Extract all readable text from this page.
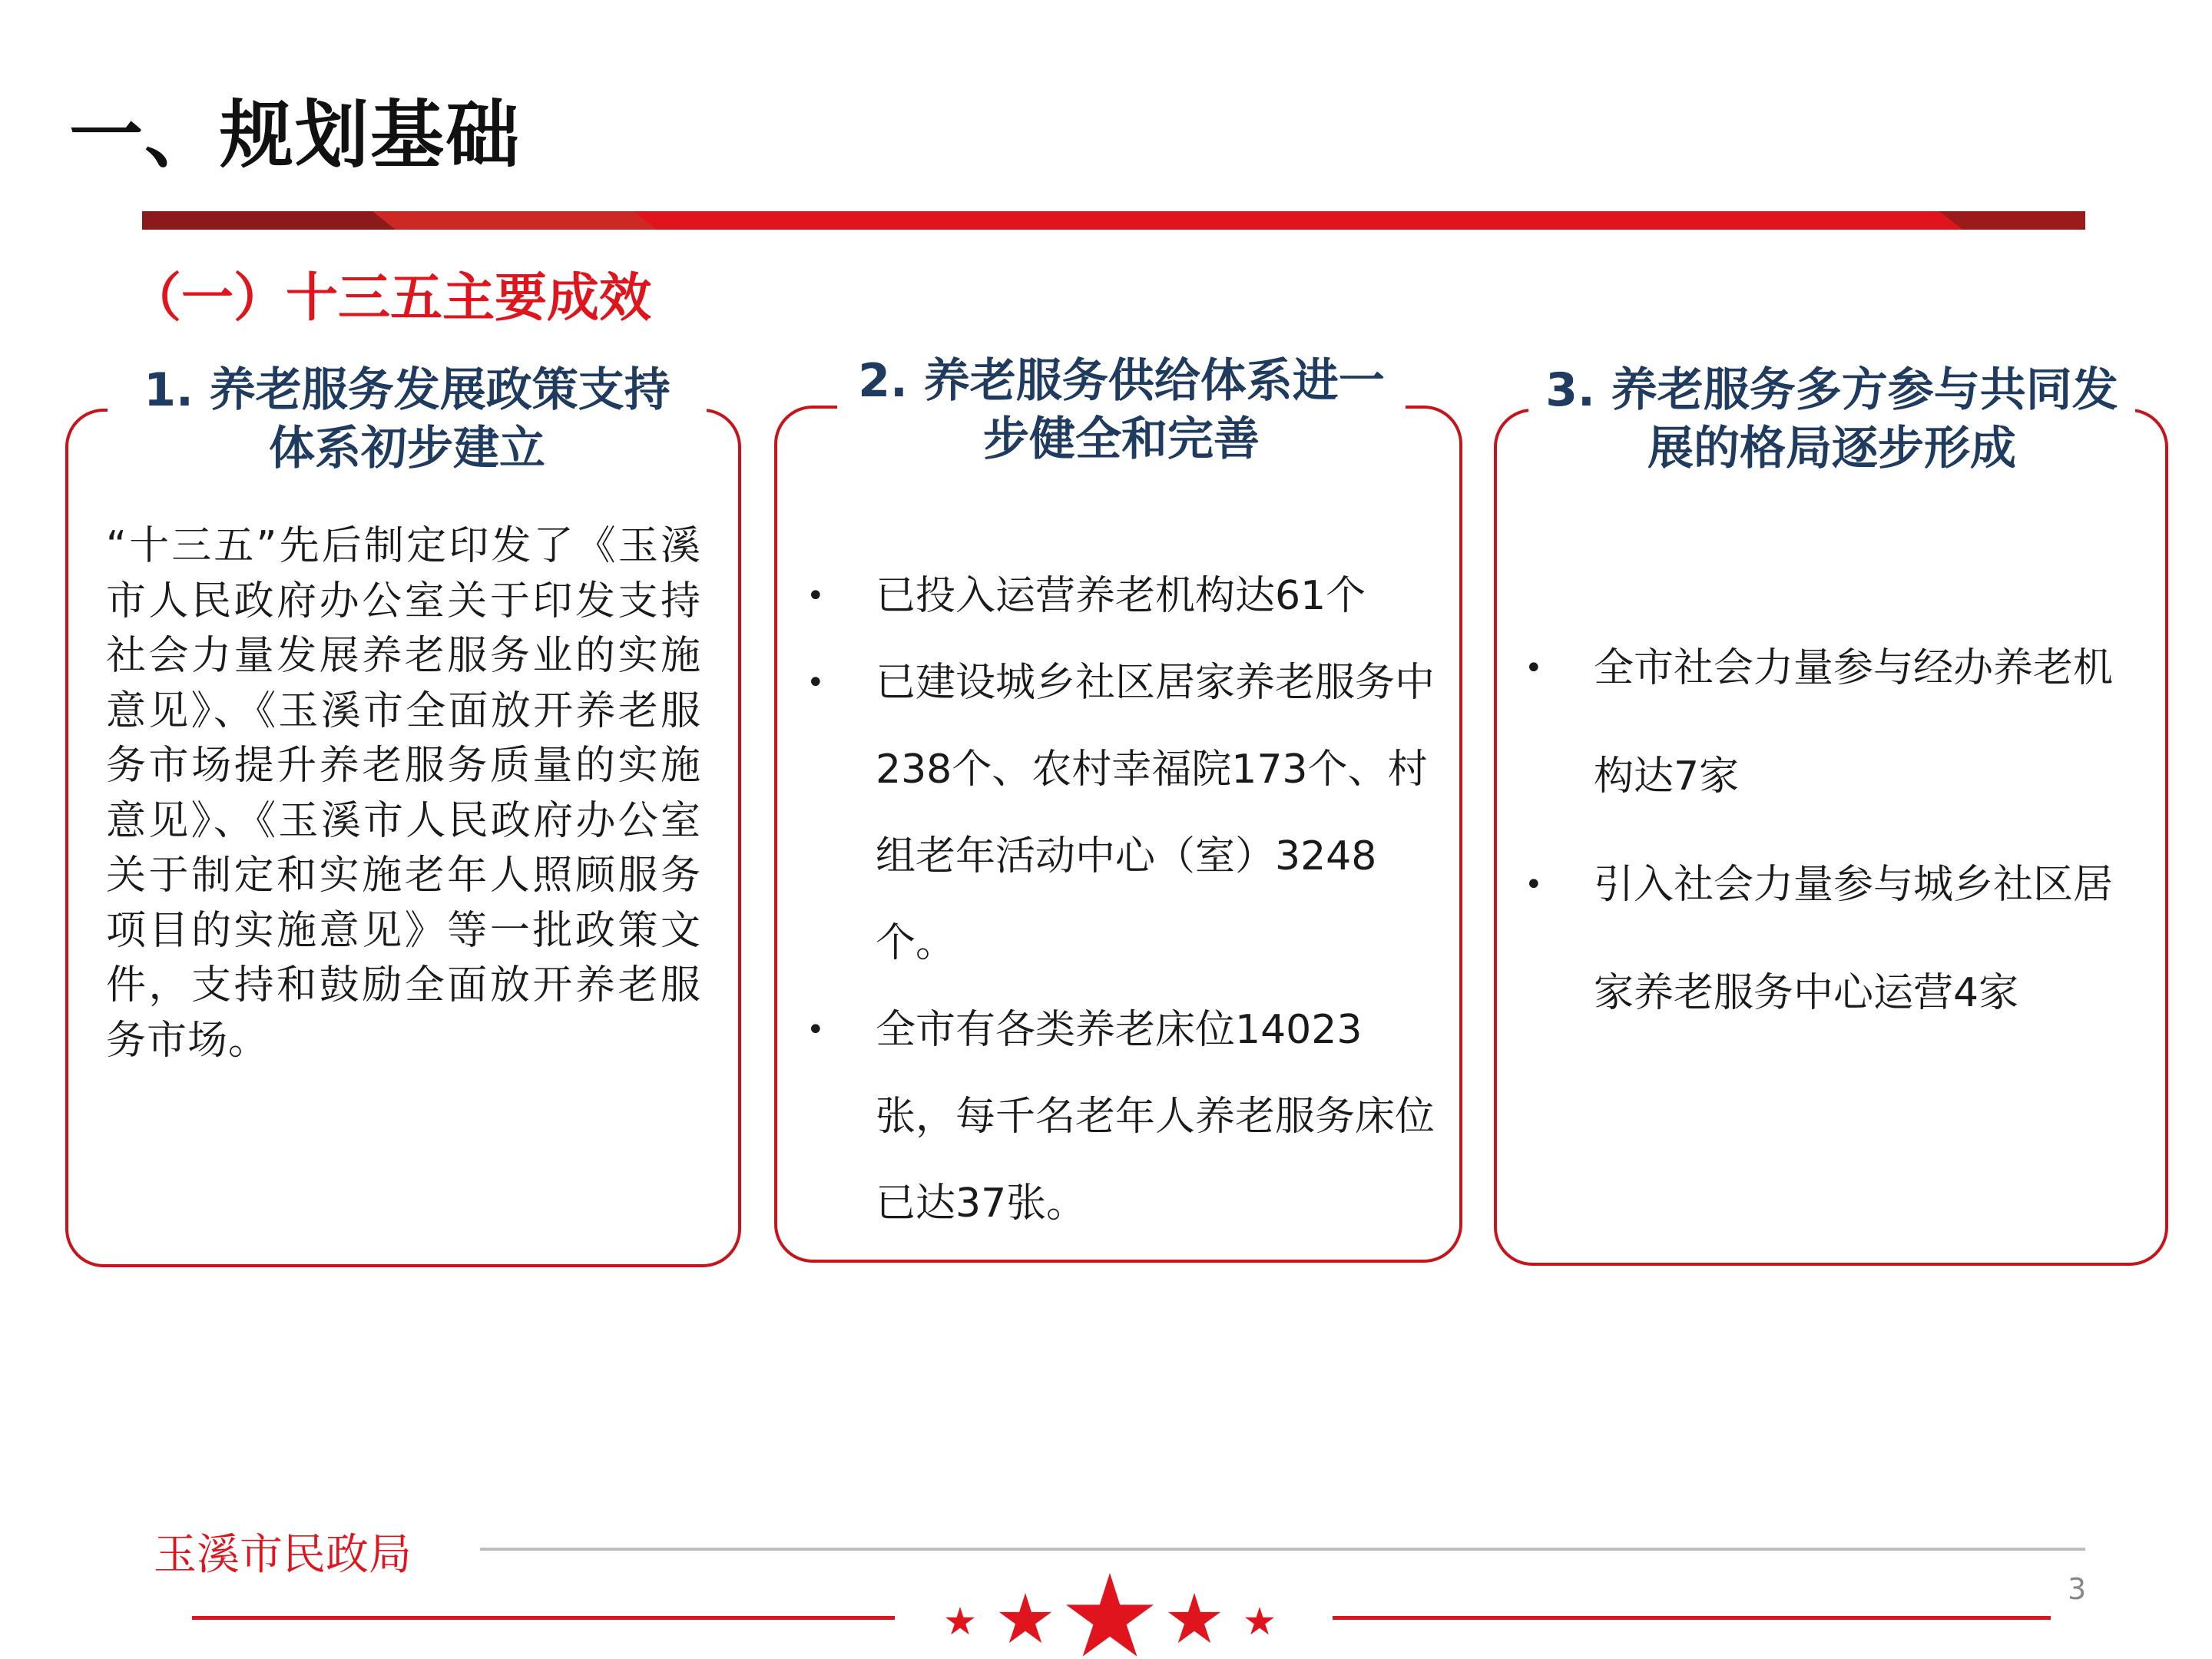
一、规划基础
（一）十三五主要成效
1. 养老服务发展政策支持体系初步建立
“十三五”先后制定印发了《玉溪市人民政府办公室关于印发支持社会力量发展养老服务业的实施意见》、《玉溪市全面放开养老服务市场提升养老服务质量的实施意见》、《玉溪市人民政府办公室关于制定和实施老年人照顾服务项目的实施意见》等一批政策文件，支持和鼓励全面放开养老服务市场。
2. 养老服务供给体系进一步健全和完善
• 已投入运营养老机构达61个
• 已建设城乡社区居家养老服务中238个、农村幸福院173个、村组老年活动中心（室）3248个。
• 全市有各类养老床位14023张，每千名老年人养老服务床位已达37张。
3. 养老服务多方参与共同发展的格局逐步形成
• 全市社会力量参与经办养老机构达7家
• 引入社会力量参与城乡社区居家养老服务中心运营4家
玉溪市民政局
3
